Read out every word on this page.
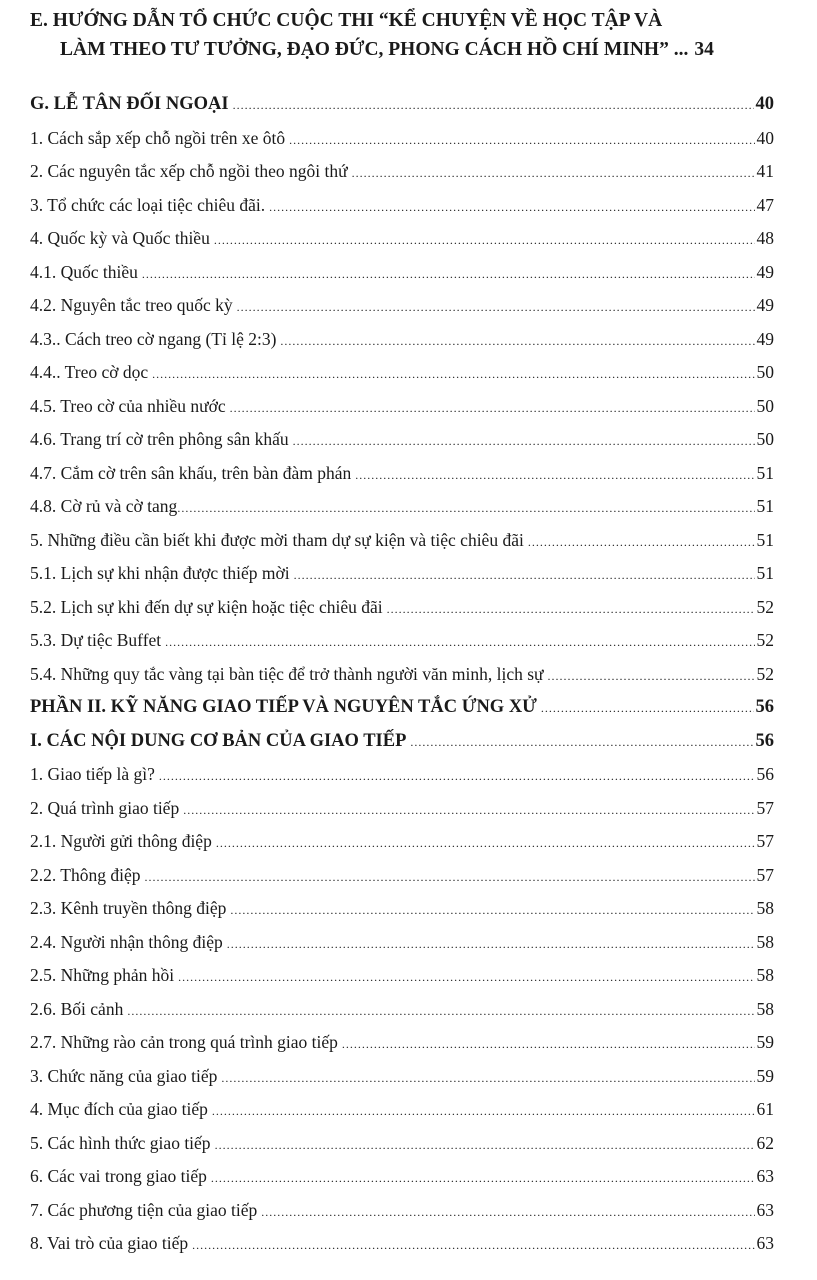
E. HƯỚNG DẪN TỔ CHỨC CUỘC THI “KỂ CHUYỆN VỀ HỌC TẬP VÀ
LÀM THEO TƯ TƯỞNG, ĐẠO ĐỨC, PHONG CÁCH HỒ CHÍ MINH” ... 34
G. LỄ TÂN ĐỐI NGOẠI .....	40
1. Cách sắp xếp chỗ ngồi trên xe ôtô .....	40
2. Các nguyên tắc xếp chỗ ngồi theo ngôi thứ .....	41
3. Tổ chức các loại tiệc chiêu đãi. .....	47
4. Quốc kỳ và Quốc thiều .....	48
4.1. Quốc thiều .....	49
4.2. Nguyên tắc treo quốc kỳ .....	49
4.3.. Cách treo cờ ngang (Tỉ lệ 2:3) .....	49
4.4.. Treo cờ dọc .....	50
4.5. Treo cờ của nhiều nước .....	50
4.6. Trang trí cờ trên phông sân khấu .....	50
4.7. Cắm cờ trên sân khấu, trên bàn đàm phán .....	51
4.8. Cờ rủ và cờ tang .....	51
5. Những điều cần biết khi được mời tham dự sự kiện và tiệc chiêu đãi .....	51
5.1. Lịch sự khi nhận được thiếp mời .....	51
5.2. Lịch sự khi đến dự sự kiện hoặc tiệc chiêu đãi .....	52
5.3. Dự tiệc Buffet .....	52
5.4. Những quy tắc vàng tại bàn tiệc để trở thành người văn minh, lịch sự .....	52
PHẦN II. KỸ NĂNG GIAO TIẾP VÀ NGUYÊN TẮC ỨNG XỬ .....	56
I. CÁC NỘI DUNG CƠ BẢN CỦA GIAO TIẾP .....	56
1. Giao tiếp là gì? .....	56
2. Quá trình giao tiếp .....	57
2.1. Người gửi thông điệp .....	57
2.2. Thông điệp .....	57
2.3. Kênh truyền thông điệp .....	58
2.4. Người nhận thông điệp .....	58
2.5. Những phản hồi .....	58
2.6. Bối cảnh .....	58
2.7. Những rào cản trong quá trình giao tiếp .....	59
3. Chức năng của giao tiếp .....	59
4. Mục đích của giao tiếp .....	61
5. Các hình thức giao tiếp .....	62
6. Các vai trong giao tiếp .....	63
7. Các phương tiện của giao tiếp .....	63
8. Vai trò của giao tiếp .....	63
